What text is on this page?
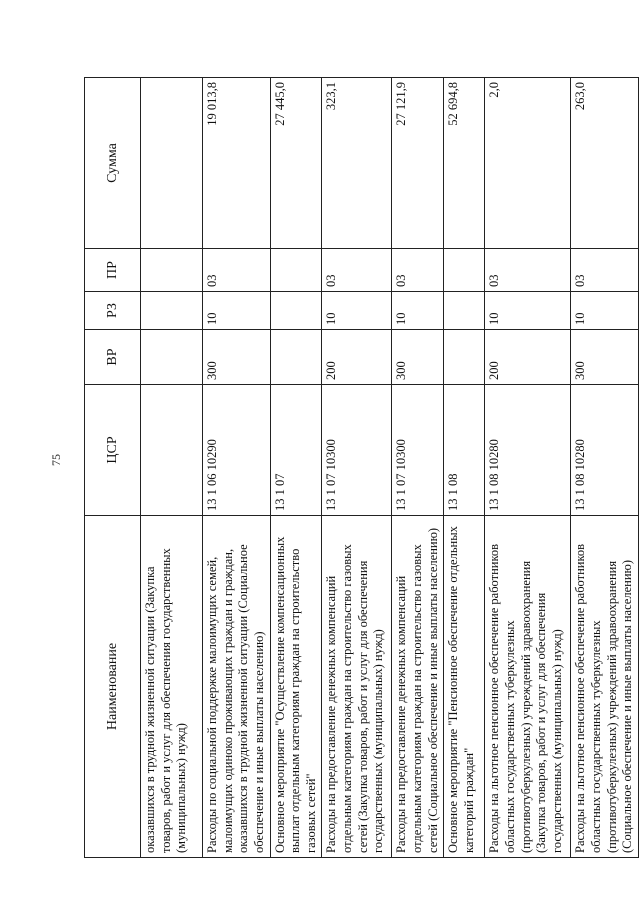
75
Наименование	ЦСР	ВР	РЗ	ПР	Сумма
оказавшихся в трудной жизненной ситуации (Закупка товаров, работ и услуг для обеспечения государственных (муниципальных) нужд)					
Расходы по социальной поддержке малоимущих семей, малоимущих одиноко проживающих граждан и граждан, оказавшихся в трудной жизненной ситуации (Социальное обеспечение и иные выплаты населению)	13 1 06 10290	300	10	03	19 013,8
Основное мероприятие "Осуществление компенсационных выплат отдельным категориям граждан на строительство газовых сетей"	13 1 07				27 445,0
Расходы на предоставление денежных компенсаций отдельным категориям граждан на строительство газовых сетей (Закупка товаров, работ и услуг для обеспечения государственных (муниципальных) нужд)	13 1 07 10300	200	10	03	323,1
Расходы на предоставление денежных компенсаций отдельным категориям граждан на строительство газовых сетей (Социальное обеспечение и иные выплаты населению)	13 1 07 10300	300	10	03	27 121,9
Основное мероприятие "Пенсионное обеспечение отдельных категорий граждан"	13 1 08				52 694,8
Расходы на льготное пенсионное обеспечение работников областных государственных туберкулезных (противотуберкулезных) учреждений здравоохранения (Закупка товаров, работ и услуг для обеспечения государственных (муниципальных) нужд)	13 1 08 10280	200	10	03	2,0
Расходы на льготное пенсионное обеспечение работников областных государственных туберкулезных (противотуберкулезных) учреждений здравоохранения (Социальное обеспечение и иные выплаты населению)	13 1 08 10280	300	10	03	263,0
